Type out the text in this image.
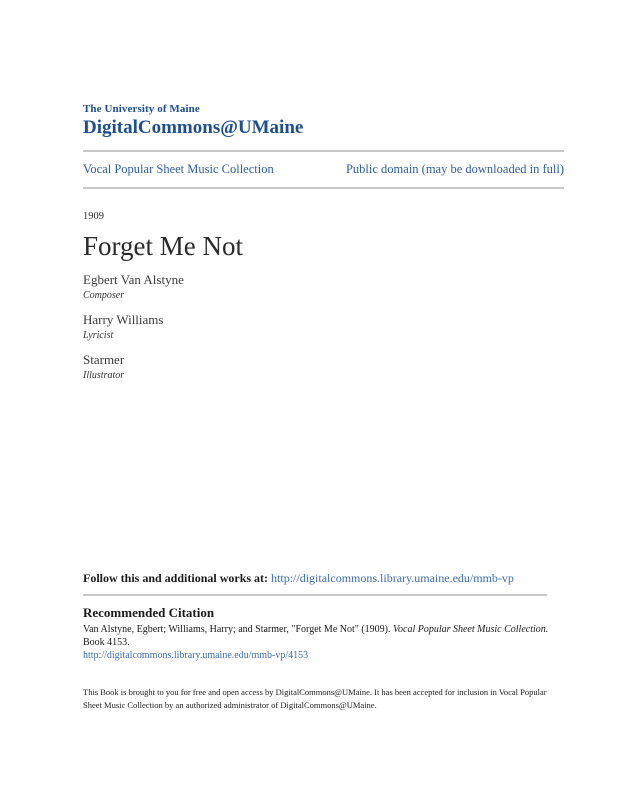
The University of Maine
DigitalCommons@UMaine
Vocal Popular Sheet Music Collection	Public domain (may be downloaded in full)
1909
Forget Me Not
Egbert Van Alstyne
Composer
Harry Williams
Lyricist
Starmer
Illustrator
Follow this and additional works at: http://digitalcommons.library.umaine.edu/mmb-vp
Recommended Citation
Van Alstyne, Egbert; Williams, Harry; and Starmer, "Forget Me Not" (1909). Vocal Popular Sheet Music Collection. Book 4153.
http://digitalcommons.library.umaine.edu/mmb-vp/4153
This Book is brought to you for free and open access by DigitalCommons@UMaine. It has been accepted for inclusion in Vocal Popular Sheet Music Collection by an authorized administrator of DigitalCommons@UMaine.
